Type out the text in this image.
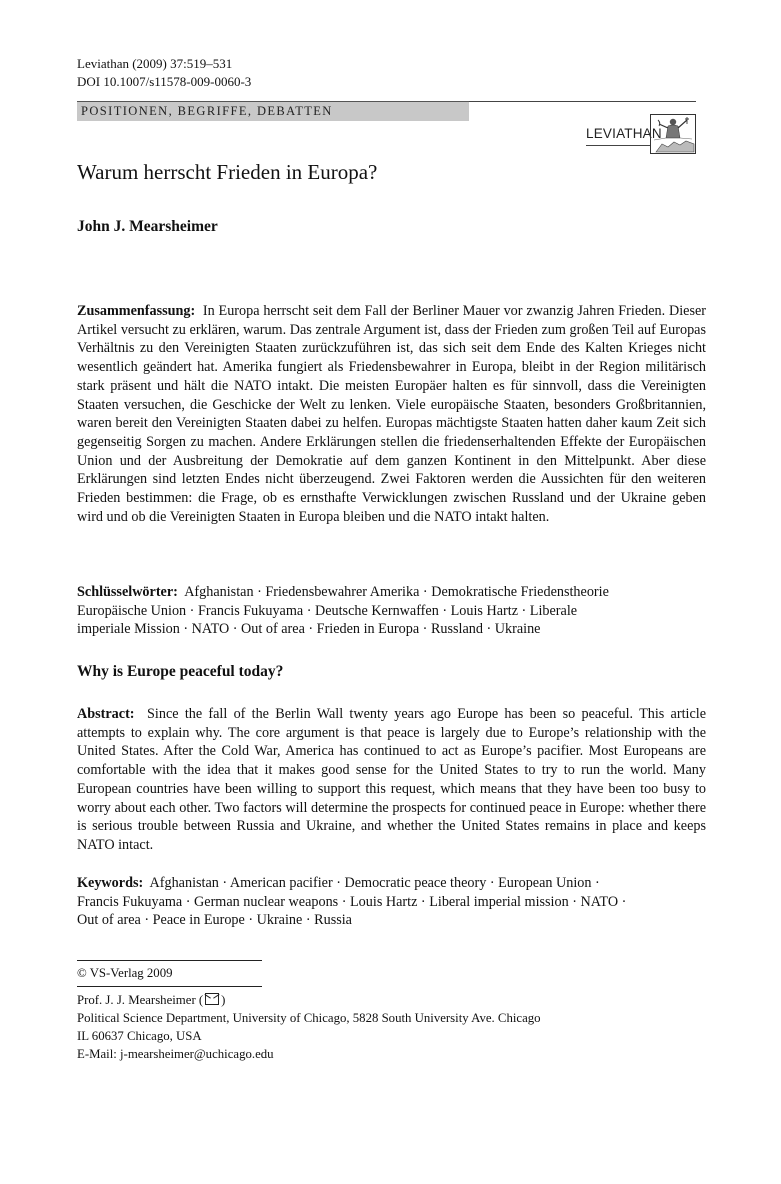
Leviathan (2009) 37:519–531
DOI 10.1007/s11578-009-0060-3
POSITIONEN, BEGRIFFE, DEBATTEN
LEVIATHAN
Warum herrscht Frieden in Europa?
John J. Mearsheimer

Zusammenfassung: In Europa herrscht seit dem Fall der Berliner Mauer vor zwanzig Jahren Frieden. Dieser Artikel versucht zu erklären, warum. Das zentrale Argument ist, dass der Frieden zum großen Teil auf Europas Verhältnis zu den Vereinigten Staaten zurückzuführen ist, das sich seit dem Ende des Kalten Krieges nicht wesentlich geändert hat. Amerika fungiert als Friedensbewahrer in Europa, bleibt in der Region militärisch stark präsent und hält die NATO intakt. Die meisten Europäer halten es für sinnvoll, dass die Vereinigten Staaten versuchen, die Geschicke der Welt zu lenken. Viele europäische Staaten, besonders Großbritannien, waren bereit den Vereinigten Staaten dabei zu helfen. Europas mächtigste Staaten hatten daher kaum Zeit sich gegenseitig Sorgen zu machen. Andere Erklärungen stellen die friedenserhaltenden Effekte der Europäischen Union und der Ausbreitung der Demokratie auf dem ganzen Kontinent in den Mittelpunkt. Aber diese Erklärungen sind letzten Endes nicht überzeugend. Zwei Faktoren werden die Aussichten für den weiteren Frieden bestimmen: die Frage, ob es ernsthafte Verwicklungen zwischen Russland und der Ukraine geben wird und ob die Vereinigten Staaten in Europa bleiben und die NATO intakt halten.

Schlüsselwörter: Afghanistan · Friedensbewahrer Amerika · Demokratische Friedenstheorie
Europäische Union · Francis Fukuyama · Deutsche Kernwaffen · Louis Hartz · Liberale
imperiale Mission · NATO · Out of area · Frieden in Europa · Russland · Ukraine
Why is Europe peaceful today?

Abstract: Since the fall of the Berlin Wall twenty years ago Europe has been so peaceful. This article attempts to explain why. The core argument is that peace is largely due to Europe’s relationship with the United States. After the Cold War, America has continued to act as Europe’s pacifier. Most Europeans are comfortable with the idea that it makes good sense for the United States to try to run the world. Many European countries have been willing to support this request, which means that they have been too busy to worry about each other. Two factors will determine the prospects for continued peace in Europe: whether there is serious trouble between Russia and Ukraine, and whether the United States remains in place and keeps NATO intact.

Keywords: Afghanistan · American pacifier · Democratic peace theory · European Union ·
Francis Fukuyama · German nuclear weapons · Louis Hartz · Liberal imperial mission · NATO ·
Out of area · Peace in Europe · Ukraine · Russia
© VS-Verlag 2009
Prof. J. J. Mearsheimer ( )
Political Science Department, University of Chicago, 5828 South University Ave. Chicago
IL 60637 Chicago, USA
E-Mail: j-mearsheimer@uchicago.edu
